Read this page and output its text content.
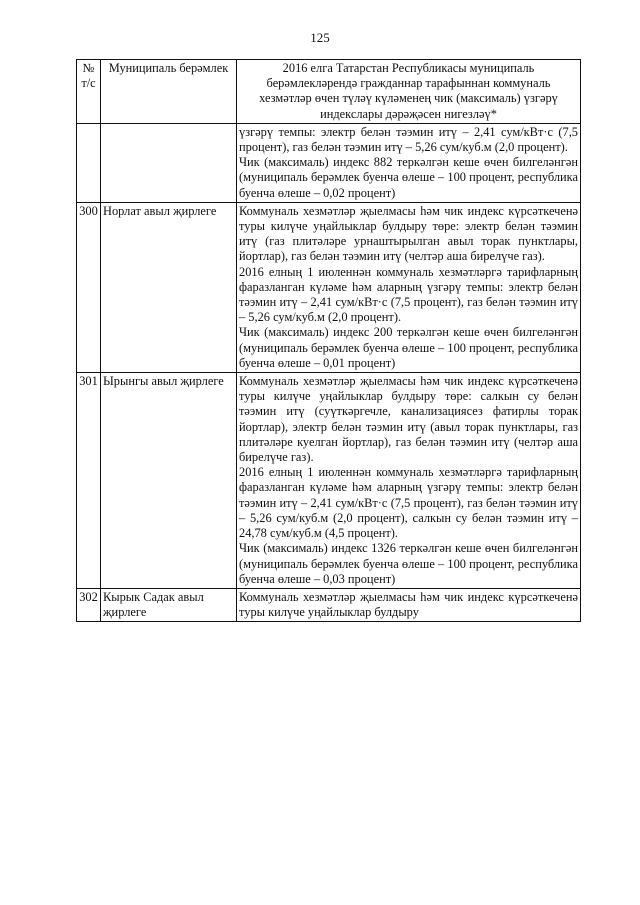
125
№ т/с	Муниципаль берәмлек	2016 елга Татарстан Республикасы муниципаль берәмлекләрендә гражданнар тарафыннан коммуналь хезмәтләр өчен түләү күләменең чик (максималь) үзгәрү индекслары дәрәҗәсен нигезләү*

		үзгәрү темпы: электр белән тәэмин итү – 2,41 сум/кВт·с (7,5 процент), газ белән тәэмин итү – 5,26 сум/куб.м (2,0 процент).

Чик (максималь) индекс 882 теркәлгән кеше өчен билгеләнгән (муниципаль берәмлек буенча өлеше – 100 процент, республика буенча өлеше – 0,02 процент)

300	Норлат авыл җирлеге	Коммуналь хезмәтләр җыелмасы һәм чик индекс күрсәткеченә туры килүче уңайлыклар булдыру төре: электр белән тәэмин итү (газ плитәләре урнаштырылган авыл торак пунктлары, йортлар), газ белән тәэмин итү (челтәр аша бирелүче газ).

2016 елның 1 июленнән коммуналь хезмәтләргә тарифларның фаразланган күләме һәм аларның үзгәрү темпы: электр белән тәэмин итү – 2,41 сум/кВт·с (7,5 процент), газ белән тәэмин итү – 5,26 сум/куб.м (2,0 процент).

Чик (максималь) индекс 200 теркәлгән кеше өчен билгеләнгән (муниципаль берәмлек буенча өлеше – 100 процент, республика буенча өлеше – 0,01 процент)

301	Ырынгы авыл җирлеге	Коммуналь хезмәтләр җыелмасы һәм чик индекс күрсәткеченә туры килүче уңайлыклар булдыру төре: салкын су белән тәэмин итү (суүткәргечле, канализациясез фатирлы торак йортлар), электр белән тәэмин итү (авыл торак пунктлары, газ плитәләре куелган йортлар), газ белән тәэмин итү (челтәр аша бирелүче газ).

2016 елның 1 июленнән коммуналь хезмәтләргә тарифларның фаразланган күләме һәм аларның үзгәрү темпы: электр белән тәэмин итү – 2,41 сум/кВт·с (7,5 процент), газ белән тәэмин итү – 5,26 сум/куб.м (2,0 процент), салкын су белән тәэмин итү – 24,78 сум/куб.м (4,5 процент).

Чик (максималь) индекс 1326 теркәлгән кеше өчен билгеләнгән (муниципаль берәмлек буенча өлеше – 100 процент, республика буенча өлеше – 0,03 процент)

302	Кырык Садак авыл җирлеге	Коммуналь хезмәтләр җыелмасы һәм чик индекс күрсәткеченә туры килүче уңайлыклар булдыру
